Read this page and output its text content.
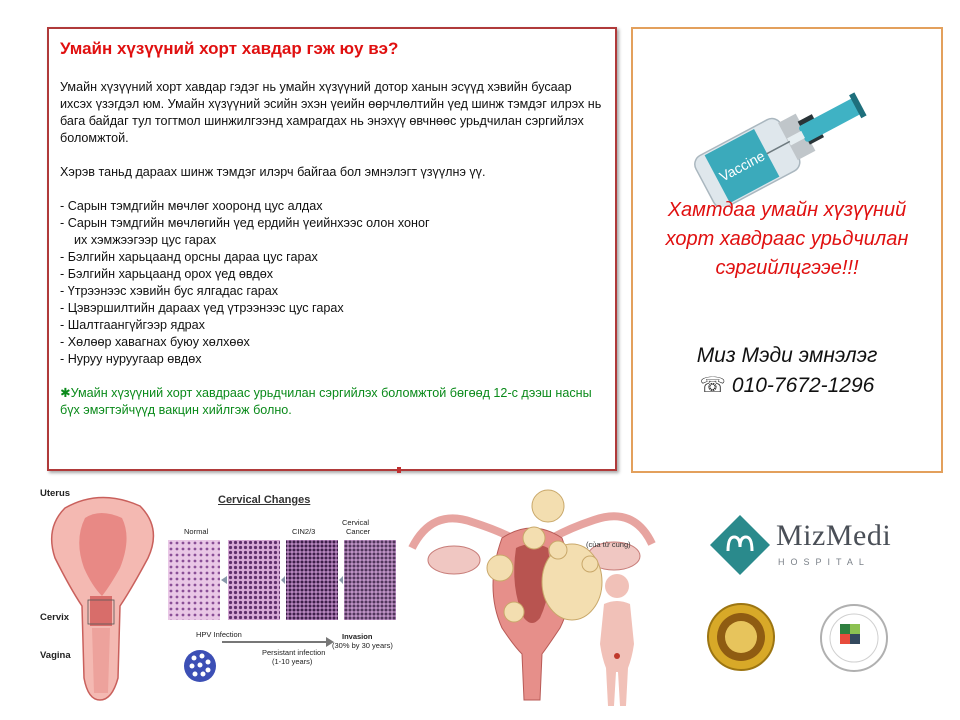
Умайн хүзүүний хорт хавдар гэж юу вэ?

Умайн хүзүүний хорт хавдар гэдэг нь умайн хүзүүний дотор ханын эсүүд хэвийн бусаар ихсэх үзэгдэл юм. Умайн хүзүүний эсийн эхэн үеийн өөрчлөлтийн үед шинж тэмдэг илрэх нь бага байдаг тул тогтмол шинжилгээнд хамрагдах нь энэхүү өвчнөөс урьдчилан сэргийлэх боломжтой.

Хэрэв таньд дараах шинж тэмдэг илэрч байгаа бол эмнэлэгт үзүүлнэ үү.

- Сарын тэмдгийн мөчлөг хооронд цус алдах
- Сарын тэмдгийн мөчлөгийн үед ердийн үеийнхээс олон хоног
их хэмжээгээр цус гарах
- Бэлгийн харьцаанд орсны дараа цус гарах
- Бэлгийн харьцаанд орох үед өвдөх
- Үтрээнээс хэвийн бус ялгадас гарах
- Цэвэршилтийн дараах үед үтрээнээс цус гарах
- Шалтгаангүйгээр ядрах
- Хөлөөр хавагнах буюу хөлхөөх
- Нуруу нуруугаар өвдөх
✱Умайн хүзүүний хорт хавдраас урьдчилан сэргийлэх боломжтой бөгөөд 12-с дээш насны бүх эмэгтэйчүүд вакцин хийлгэж болно.
Vaccine
Хамтдаа умайн хүзүүний
хорт хавдраас урьдчилан
сэргийлцгээе!!!
Миз Мэди эмнэлэг
☏ 010-7672-1296
Uterus
Cervix
Vagina
Cervical Changes
Normal	CIN2/3
Cervical
Cancer
HPV Infection
Persistant infection
(1-10 years)
Invasion
(30% by 30 years)
(của tử cung)	MizMedi
HOSPITAL
